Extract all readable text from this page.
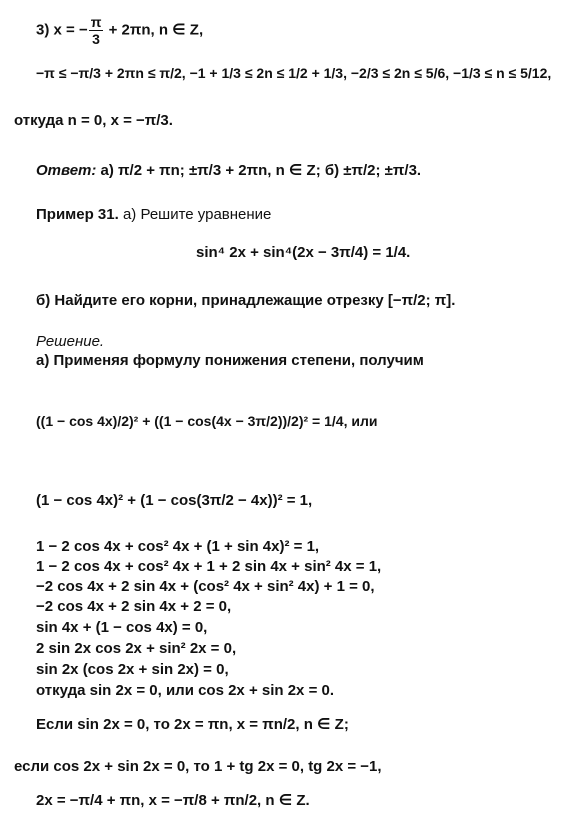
3) x = − $\frac{\pi}{3} + 2\pi n$, n ∈ Z,
−π ≤ −π/3 + 2πn ≤ π/2, −1 + 1/3 ≤ 2n ≤ 1/2 + 1/3, −2/3 ≤ 2n ≤ 5/6, −1/3 ≤ n ≤ 5/12,
откуда n = 0, x = −π/3.
Ответ: а) π/2 + πn; ±π/3 + 2πn, n ∈ Z; б) ±π/2; ±π/3.
Пример 31. а) Решите уравнение
sin⁴ 2x + sin⁴(2x − 3π/4) = 1/4.
б) Найдите его корни, принадлежащие отрезку [−π/2; π].
Решение.
а) Применяя формулу понижения степени, получим
((1 − cos 4x)/2)² + ((1 − cos(4x − 3π/2))/2)² = 1/4, или
(1 − cos 4x)² + (1 − cos(3π/2 − 4x))² = 1,
1 − 2 cos 4x + cos² 4x + (1 + sin 4x)² = 1,
1 − 2 cos 4x + cos² 4x + 1 + 2 sin 4x + sin² 4x = 1,
−2 cos 4x + 2 sin 4x + (cos² 4x + sin² 4x) + 1 = 0,
−2 cos 4x + 2 sin 4x + 2 = 0,
sin 4x + (1 − cos 4x) = 0,
2 sin 2x cos 2x + sin² 2x = 0,
sin 2x (cos 2x + sin 2x) = 0,
откуда sin 2x = 0, или cos 2x + sin 2x = 0.
Если sin 2x = 0, то 2x = πn, x = πn/2, n ∈ Z;
если cos 2x + sin 2x = 0, то 1 + tg 2x = 0, tg 2x = −1,
2x = −π/4 + πn, x = −π/8 + πn/2, n ∈ Z.
